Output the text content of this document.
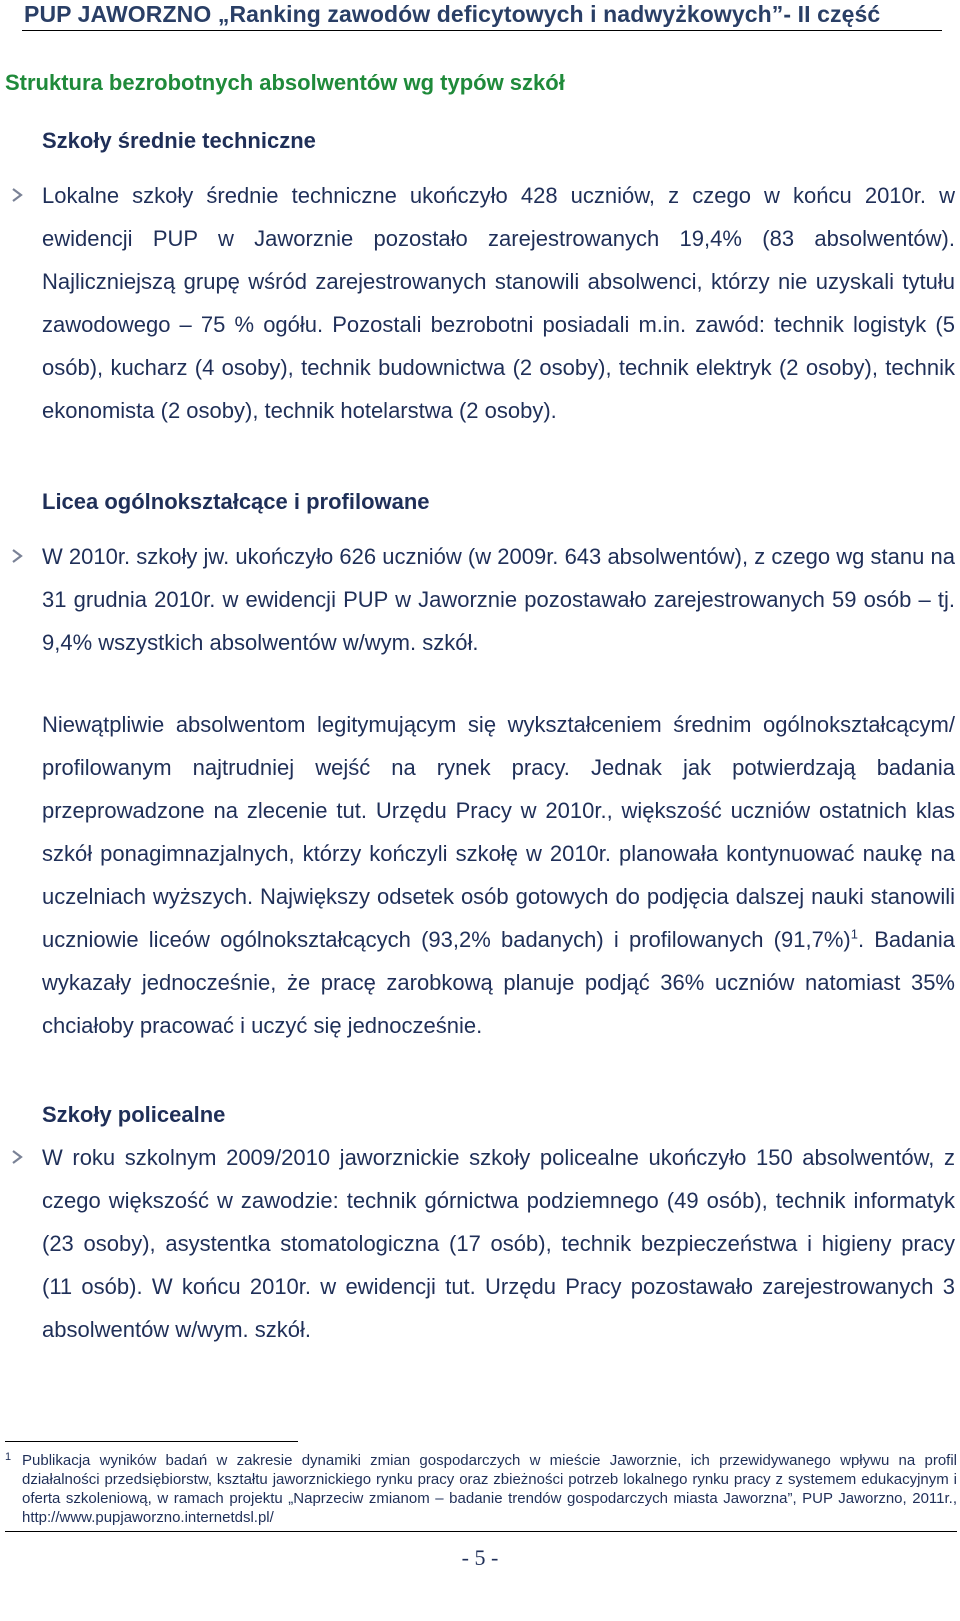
PUP JAWORZNO „Ranking zawodów deficytowych i nadwyżkowych”- II część
Struktura bezrobotnych absolwentów wg typów szkół
Szkoły średnie techniczne
Lokalne szkoły średnie techniczne ukończyło 428 uczniów, z czego w końcu 2010r. w ewidencji PUP w Jaworznie pozostało zarejestrowanych 19,4% (83 absolwentów). Najliczniejszą grupę wśród zarejestrowanych stanowili absolwenci, którzy nie uzyskali tytułu zawodowego – 75 % ogółu. Pozostali bezrobotni posiadali m.in. zawód: technik logistyk (5 osób), kucharz (4 osoby), technik budownictwa (2 osoby), technik elektryk (2 osoby), technik ekonomista (2 osoby), technik hotelarstwa (2 osoby).
Licea ogólnokształcące i profilowane
W 2010r. szkoły jw. ukończyło 626 uczniów (w 2009r. 643 absolwentów), z czego wg stanu na 31 grudnia 2010r. w ewidencji PUP w Jaworznie pozostawało zarejestrowanych 59 osób – tj. 9,4% wszystkich absolwentów w/wym. szkół.
Niewątpliwie absolwentom legitymującym się wykształceniem średnim ogólnokształcącym/ profilowanym najtrudniej wejść na rynek pracy. Jednak jak potwierdzają badania przeprowadzone na zlecenie tut. Urzędu Pracy w 2010r., większość uczniów ostatnich klas szkół ponagimnazjalnych, którzy kończyli szkołę w 2010r. planowała kontynuować naukę na uczelniach wyższych. Największy odsetek osób gotowych do podjęcia dalszej nauki stanowili uczniowie liceów ogólnokształcących (93,2% badanych) i profilowanych $(91,7\%)^1$. Badania wykazały jednocześnie, że pracę zarobkową planuje podjąć 36% uczniów natomiast 35% chciałoby pracować i uczyć się jednocześnie.
Szkoły policealne
W roku szkolnym 2009/2010 jaworznickie szkoły policealne ukończyło 150 absolwentów, z czego większość w zawodzie: technik górnictwa podziemnego (49 osób), technik informatyk (23 osoby), asystentka stomatologiczna (17 osób), technik bezpieczeństwa i higieny pracy (11 osób). W końcu 2010r. w ewidencji tut. Urzędu Pracy pozostawało zarejestrowanych 3 absolwentów w/wym. szkół.
1 Publikacja wyników badań w zakresie dynamiki zmian gospodarczych w mieście Jaworznie, ich przewidywanego wpływu na profil działalności przedsiębiorstw, kształtu jaworznickiego rynku pracy oraz zbieżności potrzeb lokalnego rynku pracy z systemem edukacyjnym i oferta szkoleniową, w ramach projektu „Naprzeciw zmianom – badanie trendów gospodarczych miasta Jaworzna”, PUP Jaworzno, 2011r., http://www.pupjaworzno.internetdsl.pl/
- 5 -
